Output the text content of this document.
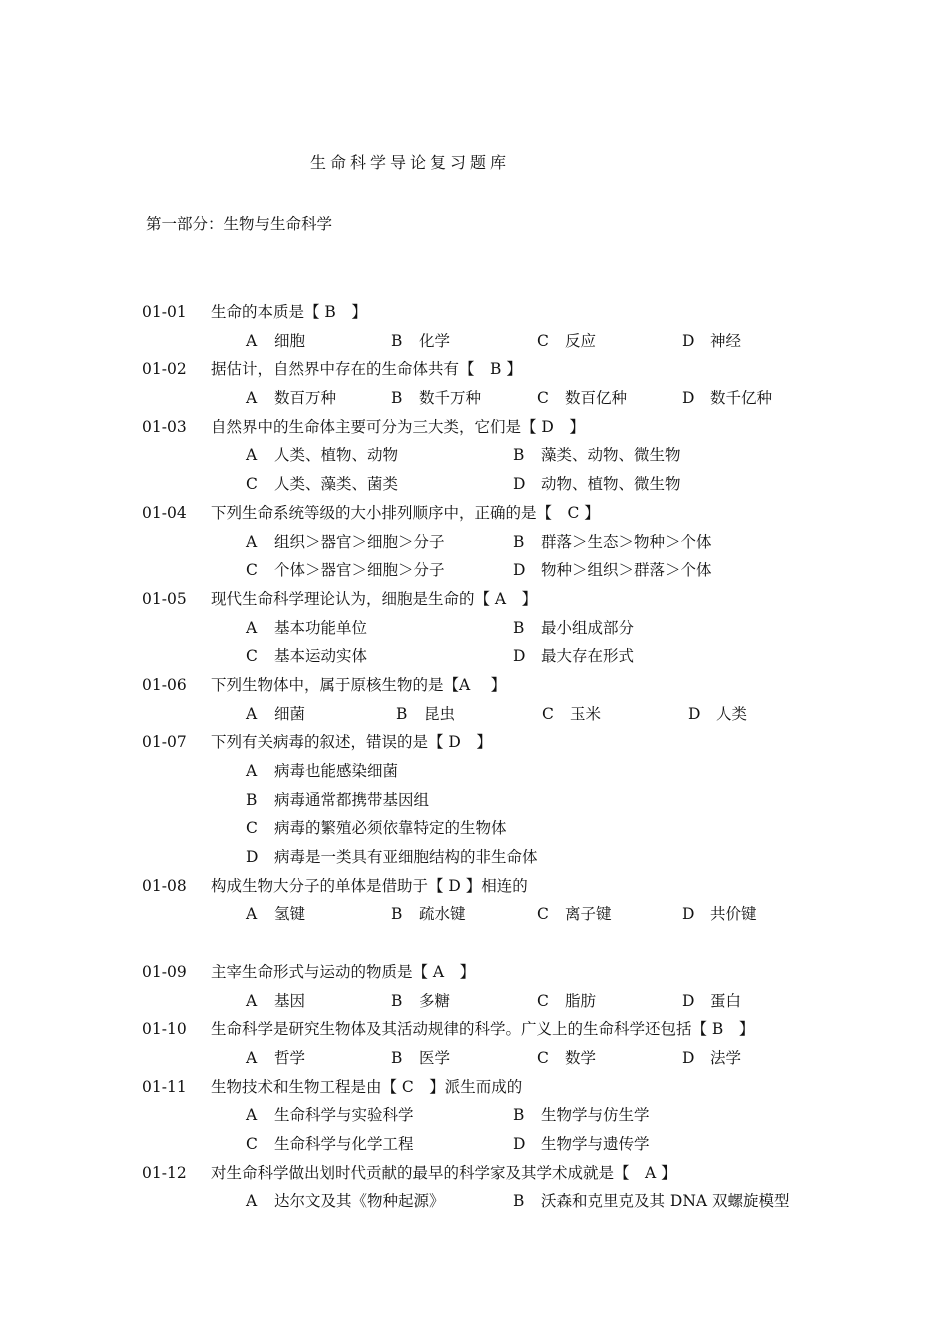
生命科学导论复习题库
第一部分：生物与生命科学
01-01 生命的本质是【 B　】
A 细胞	B 化学	C 反应	D 神经
01-02 据估计，自然界中存在的生命体共有【　B 】
A 数百万种	B 数千万种	C 数百亿种	D 数千亿种
01-03 自然界中的生命体主要可分为三大类，它们是【 D　】
A 人类、植物、动物	B 藻类、动物、微生物
C 人类、藻类、菌类	D 动物、植物、微生物
01-04 下列生命系统等级的大小排列顺序中，正确的是【　C 】
A 组织＞器官＞细胞＞分子	B 群落＞生态＞物种＞个体
C 个体＞器官＞细胞＞分子	D 物种＞组织＞群落＞个体
01-05 现代生命科学理论认为，细胞是生命的【 A　】
A 基本功能单位	B 最小组成部分
C 基本运动实体	D 最大存在形式
01-06 下列生物体中，属于原核生物的是【A　 】
A 细菌	B 昆虫	C 玉米	D 人类
01-07 下列有关病毒的叙述，错误的是【 D　】
A 病毒也能感染细菌
B 病毒通常都携带基因组
C 病毒的繁殖必须依靠特定的生物体
D 病毒是一类具有亚细胞结构的非生命体
01-08 构成生物大分子的单体是借助于【 D 】相连的
A 氢键	B 疏水键	C 离子键	D 共价键
01-09 主宰生命形式与运动的物质是【 A　】
A 基因	B 多糖	C 脂肪	D 蛋白
01-10 生命科学是研究生物体及其活动规律的科学。广义上的生命科学还包括【 B　】
A 哲学	B 医学	C 数学	D 法学
01-11 生物技术和生物工程是由【 C　】派生而成的
A 生命科学与实验科学	B 生物学与仿生学
C 生命科学与化学工程	D 生物学与遗传学
01-12 对生命科学做出划时代贡献的最早的科学家及其学术成就是【　A 】
A 达尔文及其《物种起源》	B 沃森和克里克及其 DNA 双螺旋模型
